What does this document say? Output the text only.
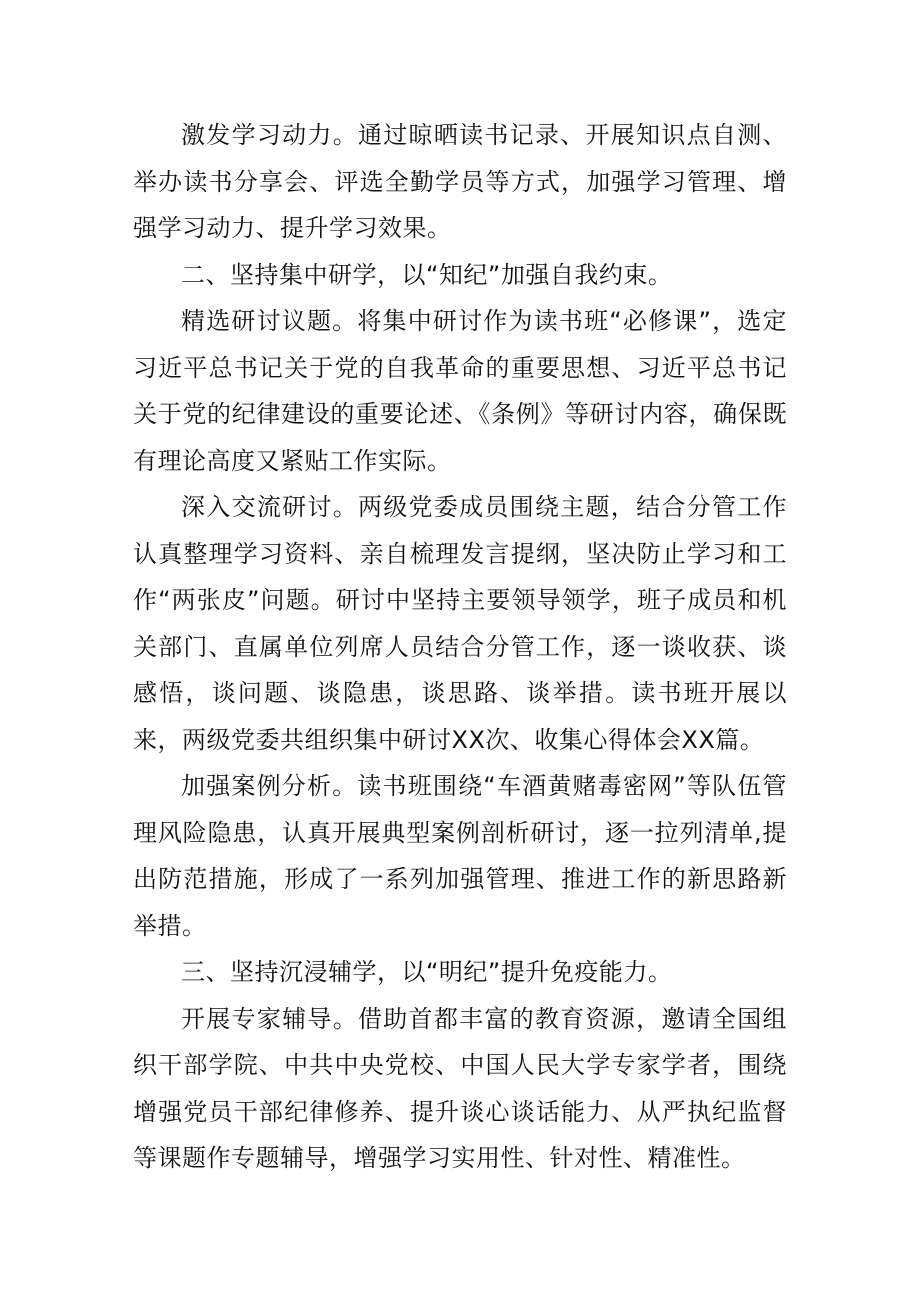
激发学习动力。通过晾晒读书记录、开展知识点自测、举办读书分享会、评选全勤学员等方式，加强学习管理、增强学习动力、提升学习效果。

二、坚持集中研学，以“知纪”加强自我约束。

精选研讨议题。将集中研讨作为读书班“必修课”，选定习近平总书记关于党的自我革命的重要思想、习近平总书记关于党的纪律建设的重要论述、《条例》等研讨内容，确保既有理论高度又紧贴工作实际。

深入交流研讨。两级党委成员围绕主题，结合分管工作认真整理学习资料、亲自梳理发言提纲，坚决防止学习和工作“两张皮”问题。研讨中坚持主要领导领学，班子成员和机关部门、直属单位列席人员结合分管工作，逐一谈收获、谈感悟，谈问题、谈隐患，谈思路、谈举措。读书班开展以来，两级党委共组织集中研讨XX次、收集心得体会XX篇。

加强案例分析。读书班围绕“车酒黄赌毒密网”等队伍管理风险隐患，认真开展典型案例剖析研讨，逐一拉列清单,提出防范措施，形成了一系列加强管理、推进工作的新思路新举措。

三、坚持沉浸辅学，以“明纪”提升免疫能力。

开展专家辅导。借助首都丰富的教育资源，邀请全国组织干部学院、中共中央党校、中国人民大学专家学者，围绕增强党员干部纪律修养、提升谈心谈话能力、从严执纪监督等课题作专题辅导，增强学习实用性、针对性、精准性。
